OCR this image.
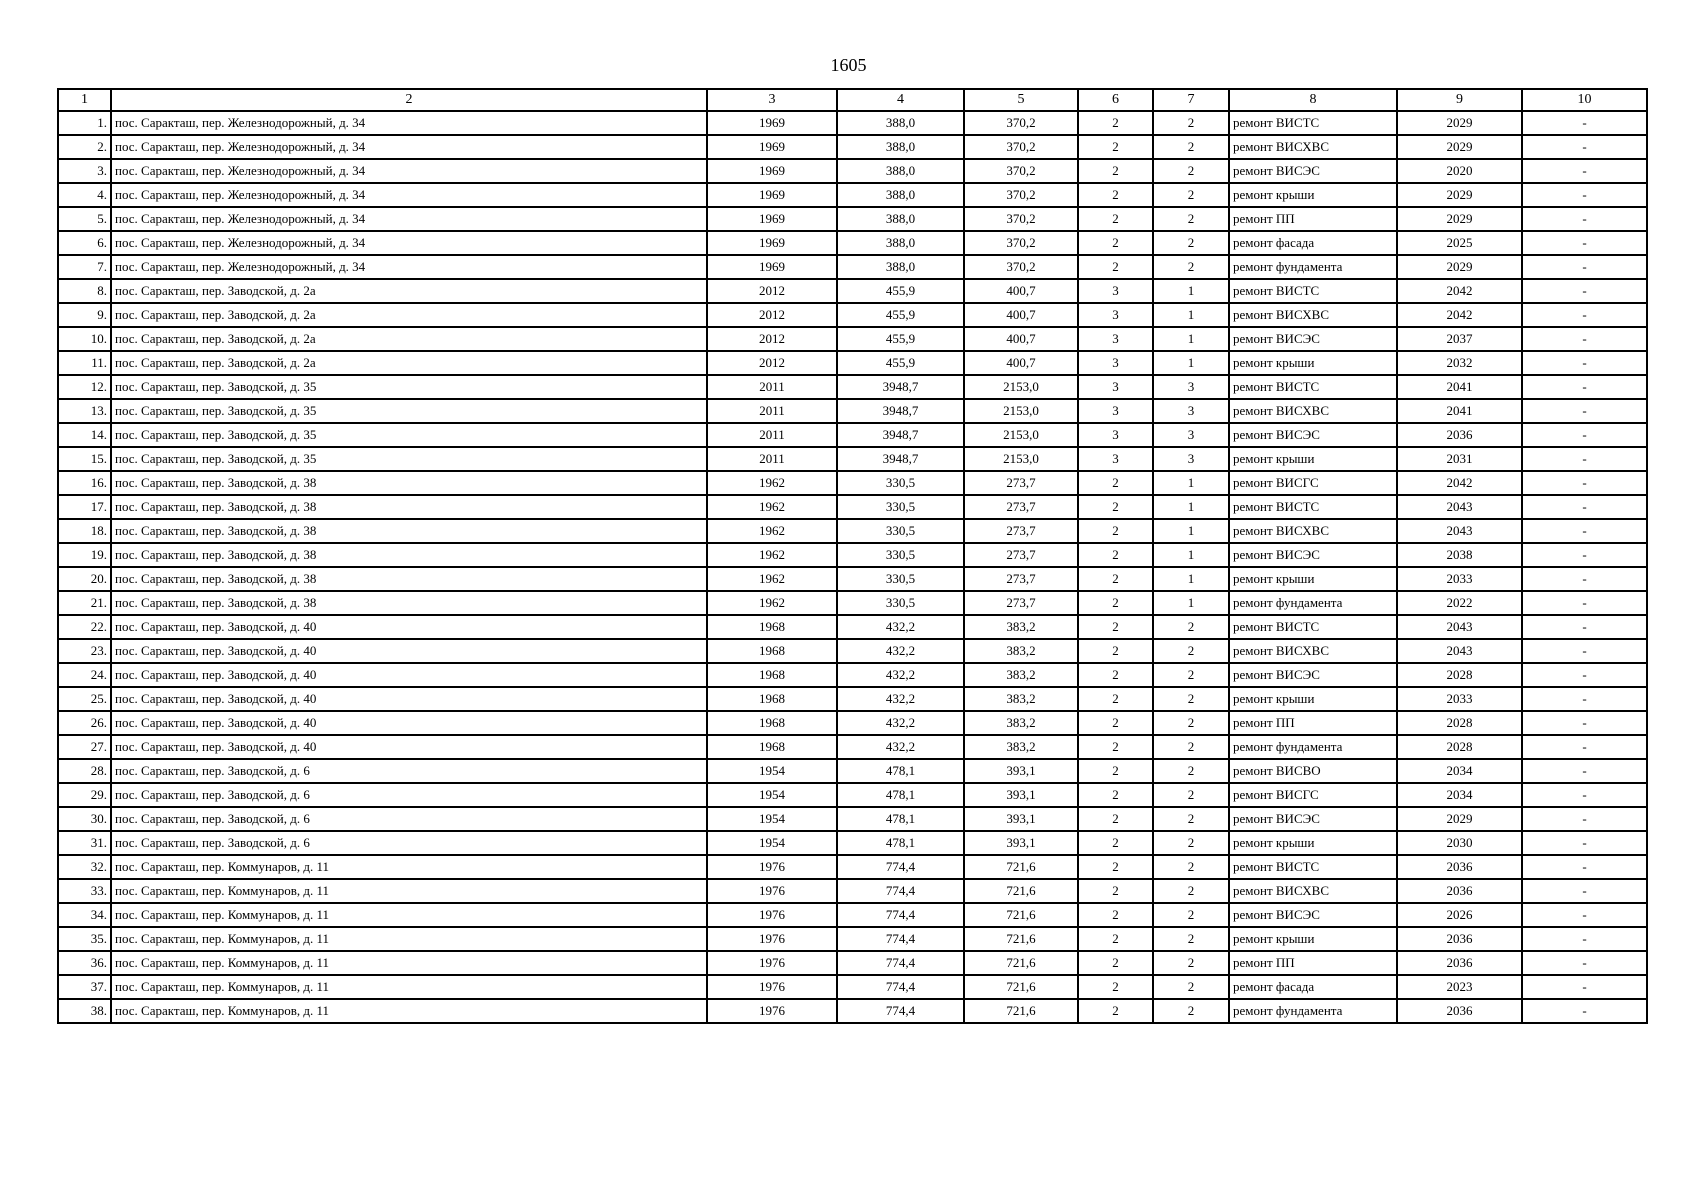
1605
1	2	3	4	5	6	7	8	9	10
1.	пос. Саракташ, пер. Железнодорожный, д. 34	1969	388,0	370,2	2	2	ремонт ВИСТС	2029	-
2.	пос. Саракташ, пер. Железнодорожный, д. 34	1969	388,0	370,2	2	2	ремонт ВИСХВС	2029	-
3.	пос. Саракташ, пер. Железнодорожный, д. 34	1969	388,0	370,2	2	2	ремонт ВИСЭС	2020	-
4.	пос. Саракташ, пер. Железнодорожный, д. 34	1969	388,0	370,2	2	2	ремонт крыши	2029	-
5.	пос. Саракташ, пер. Железнодорожный, д. 34	1969	388,0	370,2	2	2	ремонт ПП	2029	-
6.	пос. Саракташ, пер. Железнодорожный, д. 34	1969	388,0	370,2	2	2	ремонт фасада	2025	-
7.	пос. Саракташ, пер. Железнодорожный, д. 34	1969	388,0	370,2	2	2	ремонт фундамента	2029	-
8.	пос. Саракташ, пер. Заводской, д. 2а	2012	455,9	400,7	3	1	ремонт ВИСТС	2042	-
9.	пос. Саракташ, пер. Заводской, д. 2а	2012	455,9	400,7	3	1	ремонт ВИСХВС	2042	-
10.	пос. Саракташ, пер. Заводской, д. 2а	2012	455,9	400,7	3	1	ремонт ВИСЭС	2037	-
11.	пос. Саракташ, пер. Заводской, д. 2а	2012	455,9	400,7	3	1	ремонт крыши	2032	-
12.	пос. Саракташ, пер. Заводской, д. 35	2011	3948,7	2153,0	3	3	ремонт ВИСТС	2041	-
13.	пос. Саракташ, пер. Заводской, д. 35	2011	3948,7	2153,0	3	3	ремонт ВИСХВС	2041	-
14.	пос. Саракташ, пер. Заводской, д. 35	2011	3948,7	2153,0	3	3	ремонт ВИСЭС	2036	-
15.	пос. Саракташ, пер. Заводской, д. 35	2011	3948,7	2153,0	3	3	ремонт крыши	2031	-
16.	пос. Саракташ, пер. Заводской, д. 38	1962	330,5	273,7	2	1	ремонт ВИСГС	2042	-
17.	пос. Саракташ, пер. Заводской, д. 38	1962	330,5	273,7	2	1	ремонт ВИСТС	2043	-
18.	пос. Саракташ, пер. Заводской, д. 38	1962	330,5	273,7	2	1	ремонт ВИСХВС	2043	-
19.	пос. Саракташ, пер. Заводской, д. 38	1962	330,5	273,7	2	1	ремонт ВИСЭС	2038	-
20.	пос. Саракташ, пер. Заводской, д. 38	1962	330,5	273,7	2	1	ремонт крыши	2033	-
21.	пос. Саракташ, пер. Заводской, д. 38	1962	330,5	273,7	2	1	ремонт фундамента	2022	-
22.	пос. Саракташ, пер. Заводской, д. 40	1968	432,2	383,2	2	2	ремонт ВИСТС	2043	-
23.	пос. Саракташ, пер. Заводской, д. 40	1968	432,2	383,2	2	2	ремонт ВИСХВС	2043	-
24.	пос. Саракташ, пер. Заводской, д. 40	1968	432,2	383,2	2	2	ремонт ВИСЭС	2028	-
25.	пос. Саракташ, пер. Заводской, д. 40	1968	432,2	383,2	2	2	ремонт крыши	2033	-
26.	пос. Саракташ, пер. Заводской, д. 40	1968	432,2	383,2	2	2	ремонт ПП	2028	-
27.	пос. Саракташ, пер. Заводской, д. 40	1968	432,2	383,2	2	2	ремонт фундамента	2028	-
28.	пос. Саракташ, пер. Заводской, д. 6	1954	478,1	393,1	2	2	ремонт ВИСВО	2034	-
29.	пос. Саракташ, пер. Заводской, д. 6	1954	478,1	393,1	2	2	ремонт ВИСГС	2034	-
30.	пос. Саракташ, пер. Заводской, д. 6	1954	478,1	393,1	2	2	ремонт ВИСЭС	2029	-
31.	пос. Саракташ, пер. Заводской, д. 6	1954	478,1	393,1	2	2	ремонт крыши	2030	-
32.	пос. Саракташ, пер. Коммунаров, д. 11	1976	774,4	721,6	2	2	ремонт ВИСТС	2036	-
33.	пос. Саракташ, пер. Коммунаров, д. 11	1976	774,4	721,6	2	2	ремонт ВИСХВС	2036	-
34.	пос. Саракташ, пер. Коммунаров, д. 11	1976	774,4	721,6	2	2	ремонт ВИСЭС	2026	-
35.	пос. Саракташ, пер. Коммунаров, д. 11	1976	774,4	721,6	2	2	ремонт крыши	2036	-
36.	пос. Саракташ, пер. Коммунаров, д. 11	1976	774,4	721,6	2	2	ремонт ПП	2036	-
37.	пос. Саракташ, пер. Коммунаров, д. 11	1976	774,4	721,6	2	2	ремонт фасада	2023	-
38.	пос. Саракташ, пер. Коммунаров, д. 11	1976	774,4	721,6	2	2	ремонт фундамента	2036	-
